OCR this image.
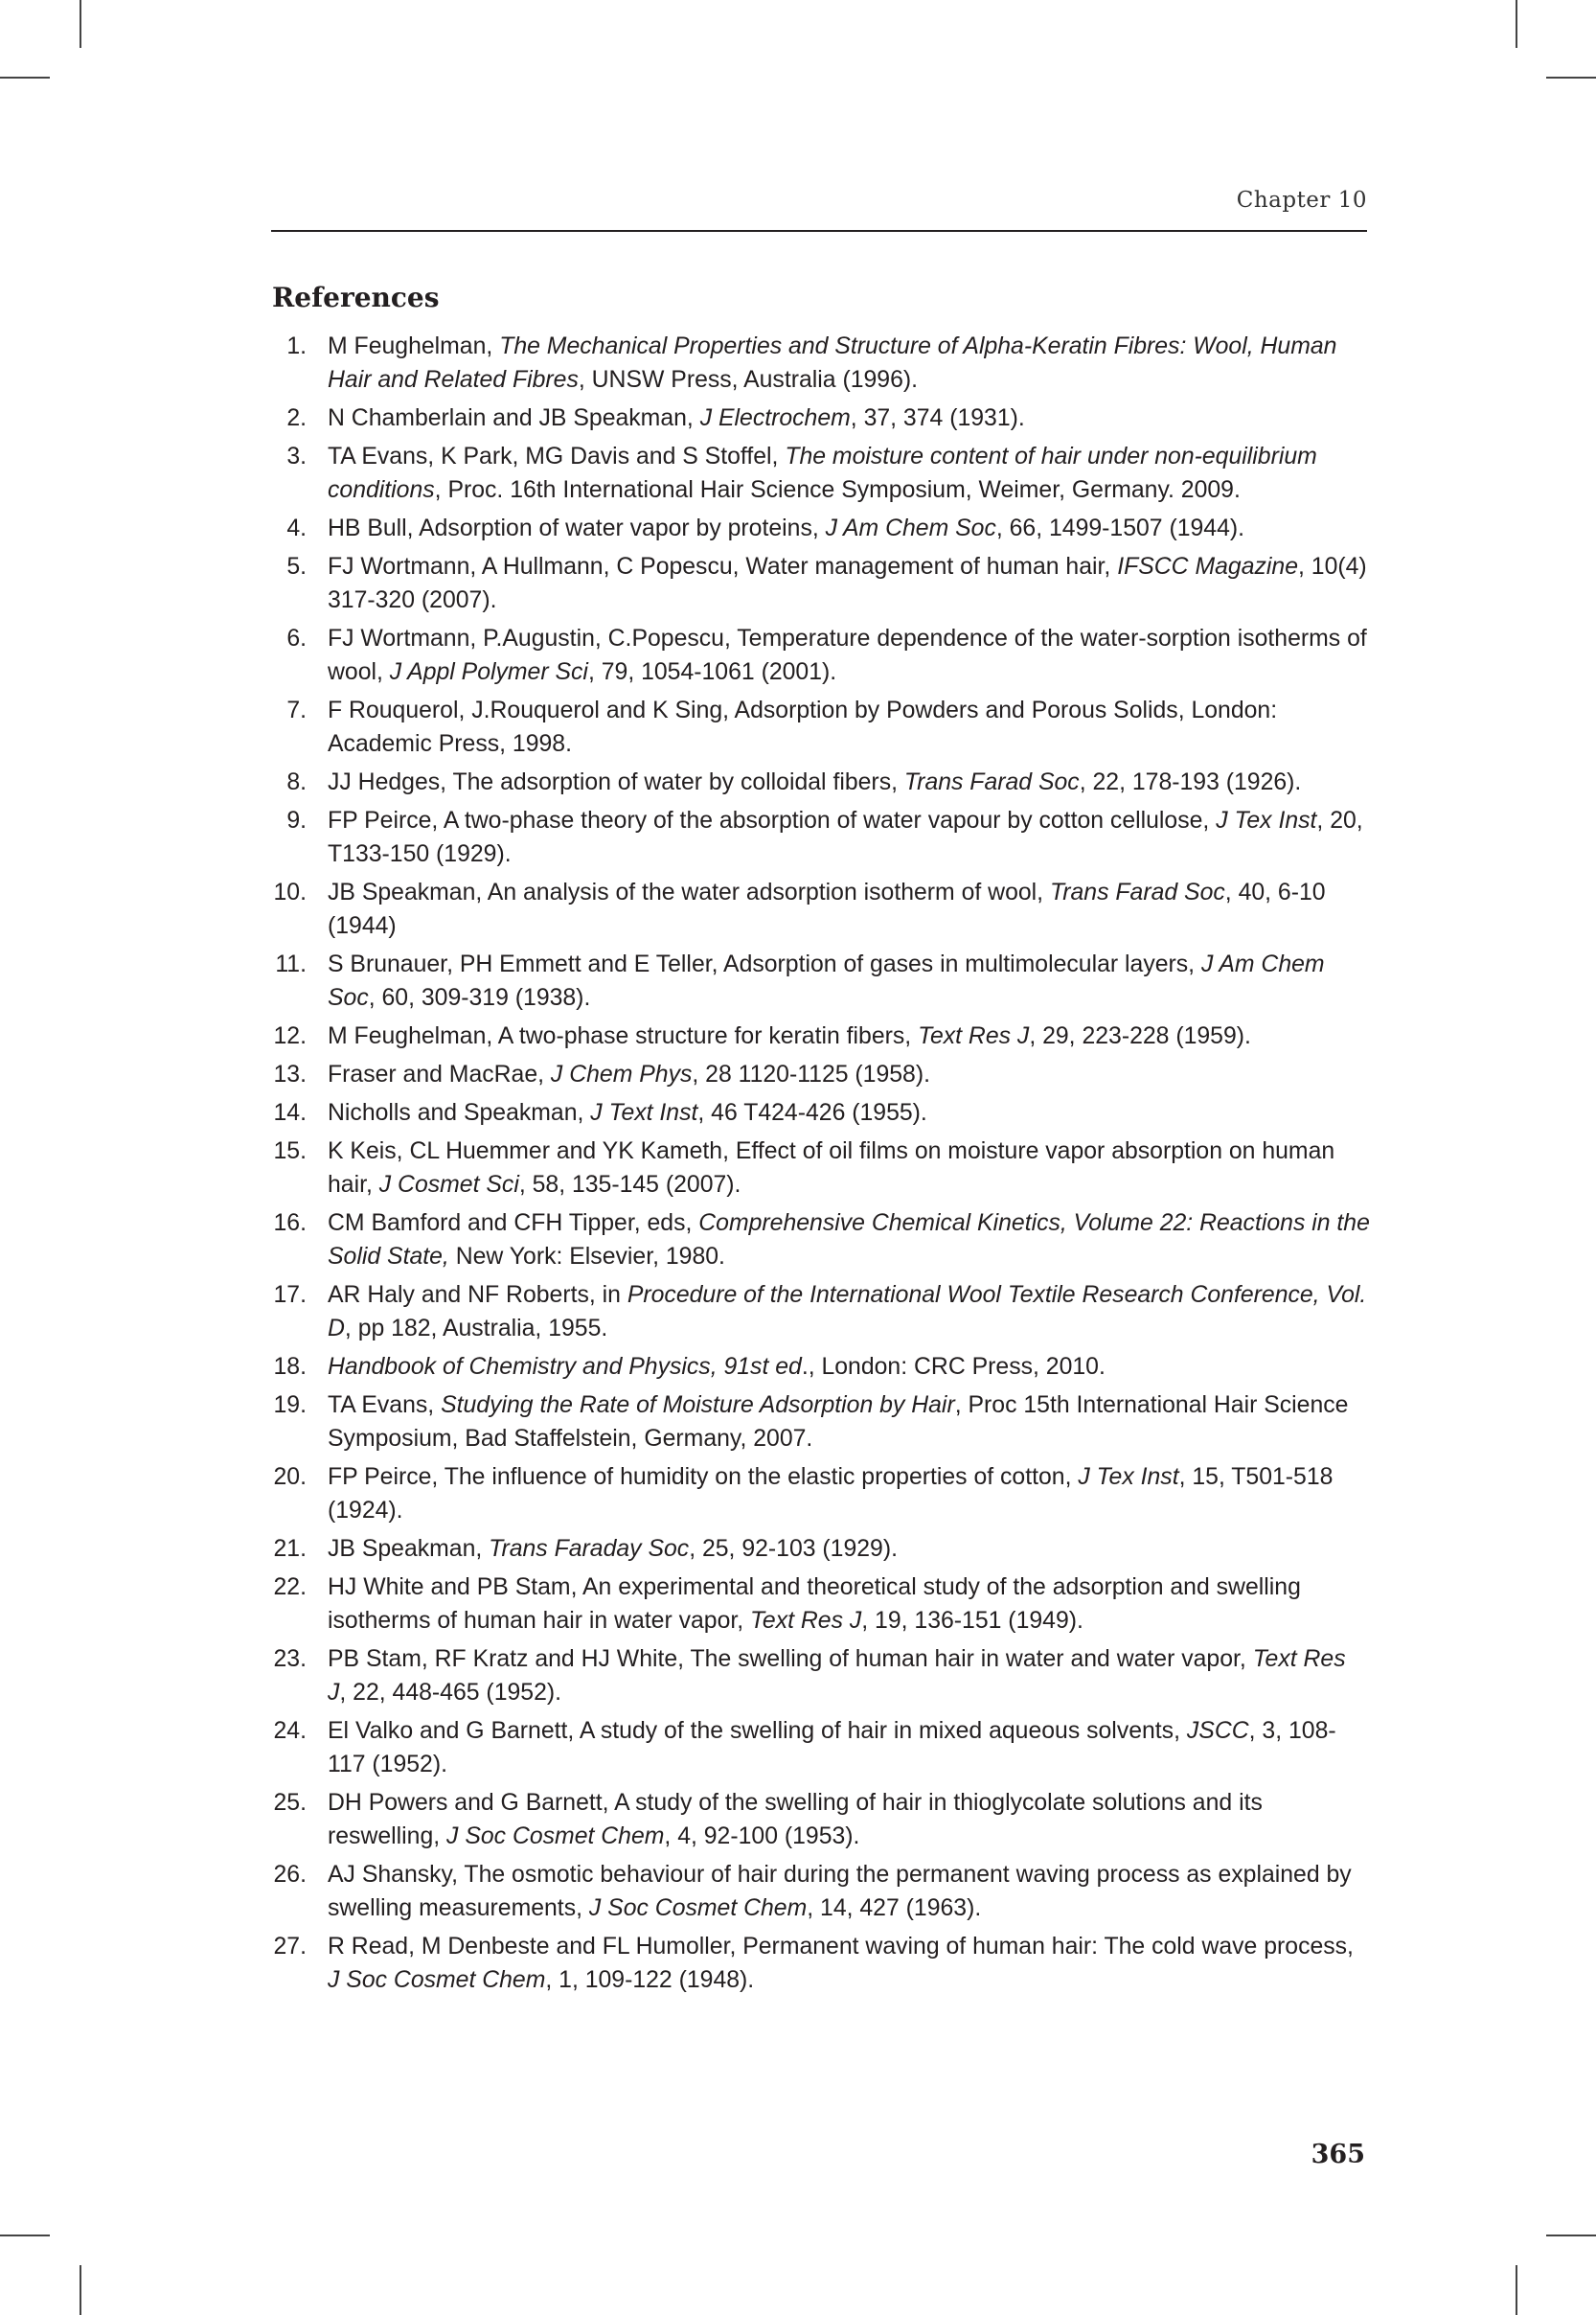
Chapter 10
References
1. M Feughelman, The Mechanical Properties and Structure of Alpha-Keratin Fibres: Wool, Human Hair and Related Fibres, UNSW Press, Australia (1996).
2. N Chamberlain and JB Speakman, J Electrochem, 37, 374 (1931).
3. TA Evans, K Park, MG Davis and S Stoffel, The moisture content of hair under non-equilibrium conditions, Proc. 16th International Hair Science Symposium, Weimer, Germany. 2009.
4. HB Bull, Adsorption of water vapor by proteins, J Am Chem Soc, 66, 1499-1507 (1944).
5. FJ Wortmann, A Hullmann, C Popescu, Water management of human hair, IFSCC Magazine, 10(4) 317-320 (2007).
6. FJ Wortmann, P.Augustin, C.Popescu, Temperature dependence of the water-sorption isotherms of wool, J Appl Polymer Sci, 79, 1054-1061 (2001).
7. F Rouquerol, J.Rouquerol and K Sing, Adsorption by Powders and Porous Solids, London: Academic Press, 1998.
8. JJ Hedges, The adsorption of water by colloidal fibers, Trans Farad Soc, 22, 178-193 (1926).
9. FP Peirce, A two-phase theory of the absorption of water vapour by cotton cellulose, J Tex Inst, 20, T133-150 (1929).
10. JB Speakman, An analysis of the water adsorption isotherm of wool, Trans Farad Soc, 40, 6-10 (1944)
11. S Brunauer, PH Emmett and E Teller, Adsorption of gases in multimolecular layers, J Am Chem Soc, 60, 309-319 (1938).
12. M Feughelman, A two-phase structure for keratin fibers, Text Res J, 29, 223-228 (1959).
13. Fraser and MacRae, J Chem Phys, 28 1120-1125 (1958).
14. Nicholls and Speakman, J Text Inst, 46 T424-426 (1955).
15. K Keis, CL Huemmer and YK Kameth, Effect of oil films on moisture vapor absorption on human hair, J Cosmet Sci, 58, 135-145 (2007).
16. CM Bamford and CFH Tipper, eds, Comprehensive Chemical Kinetics, Volume 22: Reactions in the Solid State, New York: Elsevier, 1980.
17. AR Haly and NF Roberts, in Procedure of the International Wool Textile Research Conference, Vol. D, pp 182, Australia, 1955.
18. Handbook of Chemistry and Physics, 91st ed., London: CRC Press, 2010.
19. TA Evans, Studying the Rate of Moisture Adsorption by Hair, Proc 15th International Hair Science Symposium, Bad Staffelstein, Germany, 2007.
20. FP Peirce, The influence of humidity on the elastic properties of cotton, J Tex Inst, 15, T501-518 (1924).
21. JB Speakman, Trans Faraday Soc, 25, 92-103 (1929).
22. HJ White and PB Stam, An experimental and theoretical study of the adsorption and swelling isotherms of human hair in water vapor, Text Res J, 19, 136-151 (1949).
23. PB Stam, RF Kratz and HJ White, The swelling of human hair in water and water vapor, Text Res J, 22, 448-465 (1952).
24. El Valko and G Barnett, A study of the swelling of hair in mixed aqueous solvents, JSCC, 3, 108-117 (1952).
25. DH Powers and G Barnett, A study of the swelling of hair in thioglycolate solutions and its reswelling, J Soc Cosmet Chem, 4, 92-100 (1953).
26. AJ Shansky, The osmotic behaviour of hair during the permanent waving process as explained by swelling measurements, J Soc Cosmet Chem, 14, 427 (1963).
27. R Read, M Denbeste and FL Humoller, Permanent waving of human hair: The cold wave process, J Soc Cosmet Chem, 1, 109-122 (1948).
365
